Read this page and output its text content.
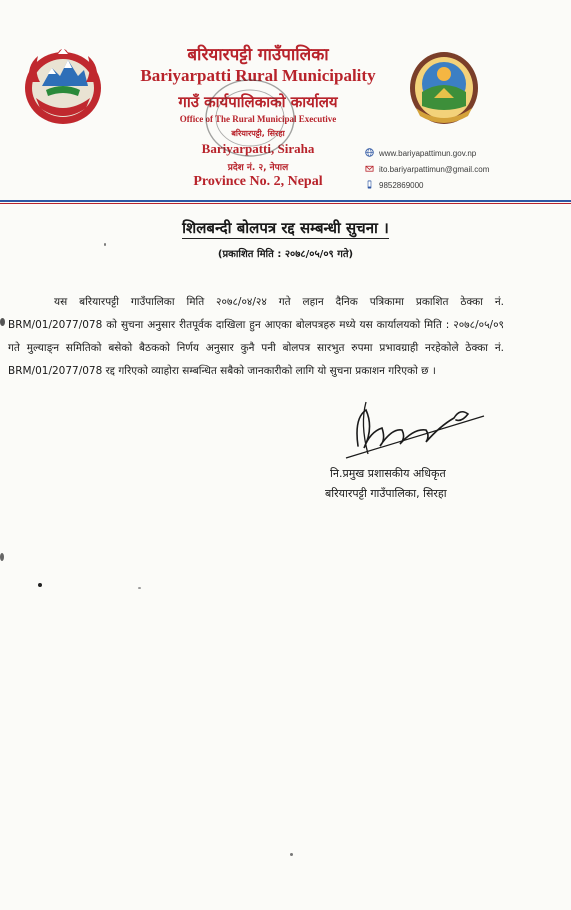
बरियारपट्टी गाउँपालिका
Bariyarpatti Rural Municipality
गाउँ कार्यपालिकाको कार्यालय
Office of The Rural Municipal Executive
बरियारपट्टी, सिरहा
Bariyarpatti, Siraha
प्रदेश नं. २, नेपाल
Province No. 2, Nepal
www.bariyapattimun.gov.np
ito.bariyarpattimun@gmail.com
9852869000
शिलबन्दी बोलपत्र रद्द सम्बन्धी सुचना ।
(प्रकाशित मिति : २०७८/०५/०९ गते)

यस बरियारपट्टी गाउँपालिका मिति २०७८/०४/२४ गते लहान दैनिक पत्रिकामा प्रकाशित ठेक्का नं. BRM/01/2077/078 को सुचना अनुसार रीतपूर्वक दाखिला हुन आएका बोलपत्रहरु मध्ये यस कार्यालयको मिति : २०७८/०५/०९ गते मुल्याङ्न समितिको बसेको बैठकको निर्णय अनुसार कुनै पनी बोलपत्र सारभुत रुपमा प्रभावग्राही नरहेकोले ठेक्का नं. BRM/01/2077/078 रद्द गरिएको व्याहोरा सम्बन्धित सबैको जानकारीको लागि यो सुचना प्रकाशन गरिएको छ ।

नि.प्रमुख प्रशासकीय अधिकृत
बरियारपट्टी गाउँपालिका, सिरहा
